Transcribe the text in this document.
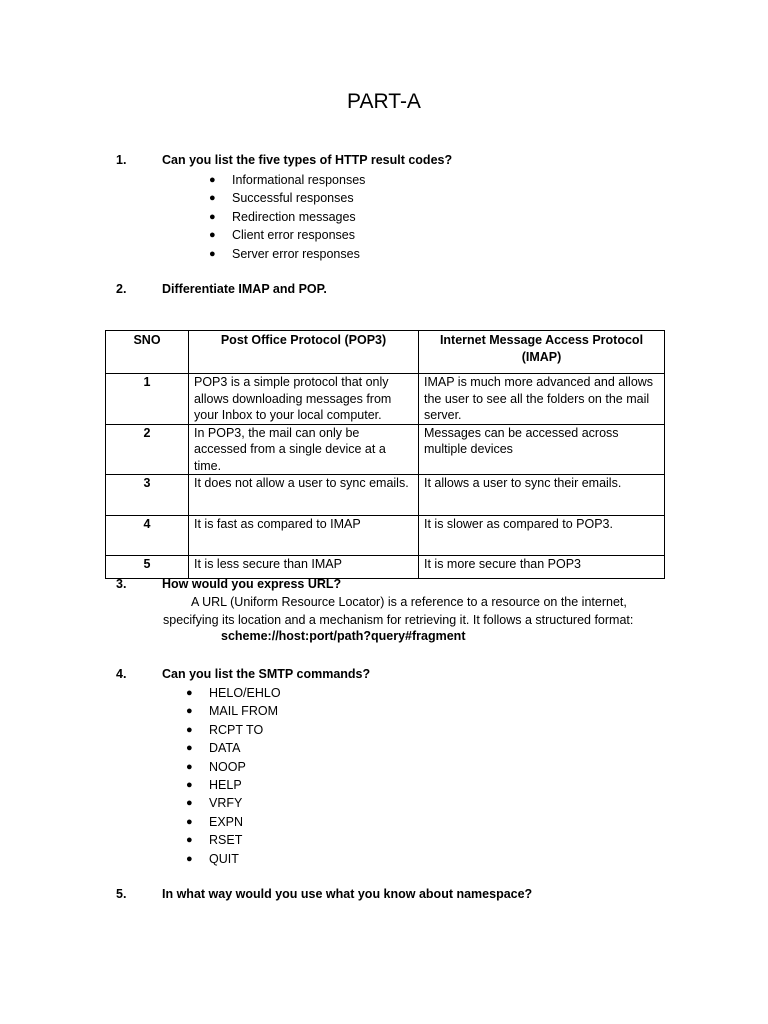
PART-A
1.	Can you list the five types of HTTP result codes?
● Informational responses
● Successful responses
● Redirection messages
● Client error responses
● Server error responses
2.	Differentiate IMAP and POP.
SNO	Post Office Protocol (POP3)	Internet Message Access Protocol (IMAP)
1	POP3 is a simple protocol that only allows downloading messages from your Inbox to your local computer.	IMAP is much more advanced and allows the user to see all the folders on the mail server.
2	In POP3, the mail can only be accessed from a single device at a time.	Messages can be accessed across multiple devices
3	It does not allow a user to sync emails.	It allows a user to sync their emails.
4	It is fast as compared to IMAP	It is slower as compared to POP3.
5	It is less secure than IMAP	It is more secure than POP3
3.	How would you express URL?
A URL (Uniform Resource Locator) is a reference to a resource on the internet, specifying its location and a mechanism for retrieving it. It follows a structured format:
scheme://host:port/path?query#fragment
4.	Can you list the SMTP commands?
● HELO/EHLO
● MAIL FROM
● RCPT TO
● DATA
● NOOP
● HELP
● VRFY
● EXPN
● RSET
● QUIT
5.	In what way would you use what you know about namespace?
